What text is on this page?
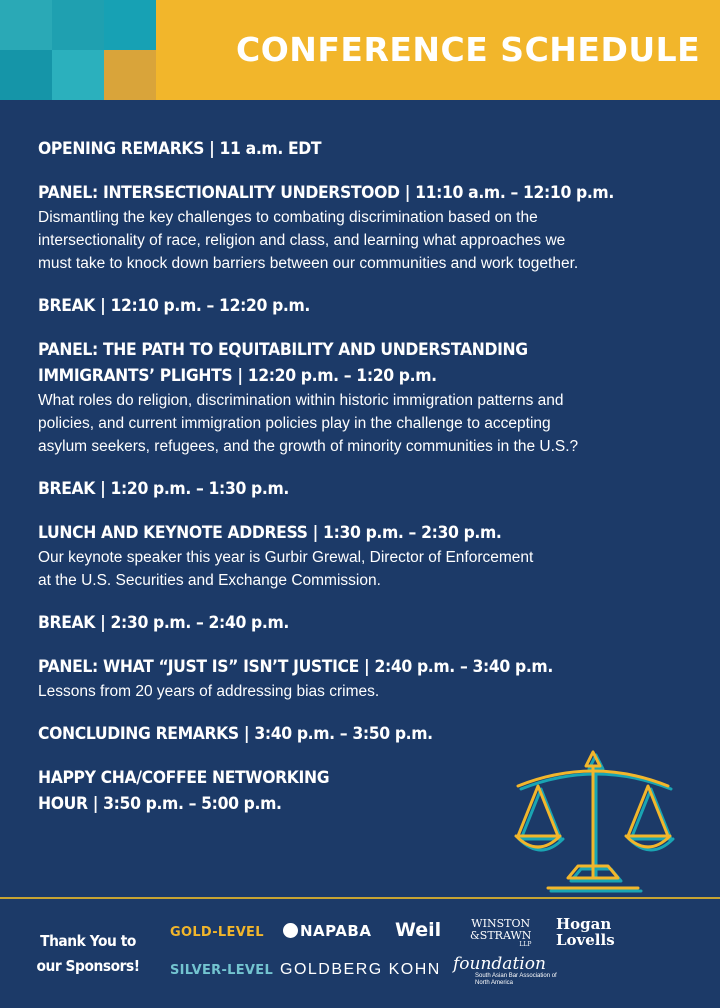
CONFERENCE SCHEDULE
OPENING REMARKS | 11 a.m. EDT
PANEL: INTERSECTIONALITY UNDERSTOOD | 11:10 a.m. – 12:10 p.m.
Dismantling the key challenges to combating discrimination based on the
intersectionality of race, religion and class, and learning what approaches we
must take to knock down barriers between our communities and work together.
BREAK | 12:10 p.m. – 12:20 p.m.
PANEL: THE PATH TO EQUITABILITY AND UNDERSTANDING
IMMIGRANTS’ PLIGHTS | 12:20 p.m. – 1:20 p.m.
What roles do religion, discrimination within historic immigration patterns and
policies, and current immigration policies play in the challenge to accepting
asylum seekers, refugees, and the growth of minority communities in the U.S.?
BREAK | 1:20 p.m. – 1:30 p.m.
LUNCH AND KEYNOTE ADDRESS | 1:30 p.m. – 2:30 p.m.
Our keynote speaker this year is Gurbir Grewal, Director of Enforcement
at the U.S. Securities and Exchange Commission.
BREAK | 2:30 p.m. – 2:40 p.m.
PANEL: WHAT “JUST IS” ISN’T JUSTICE | 2:40 p.m. – 3:40 p.m.
Lessons from 20 years of addressing bias crimes.
CONCLUDING REMARKS | 3:40 p.m. – 3:50 p.m.
HAPPY CHA/COFFEE NETWORKING
HOUR | 3:50 p.m. – 5:00 p.m.
Thank You to
our Sponsors!
GOLD-LEVEL
SILVER-LEVEL
NAPABA Weil	WINSTON
&STRAWN
LLP
Hogan
Lovells
GOLDBERG KOHN foundation
South Asian Bar Association of North America
